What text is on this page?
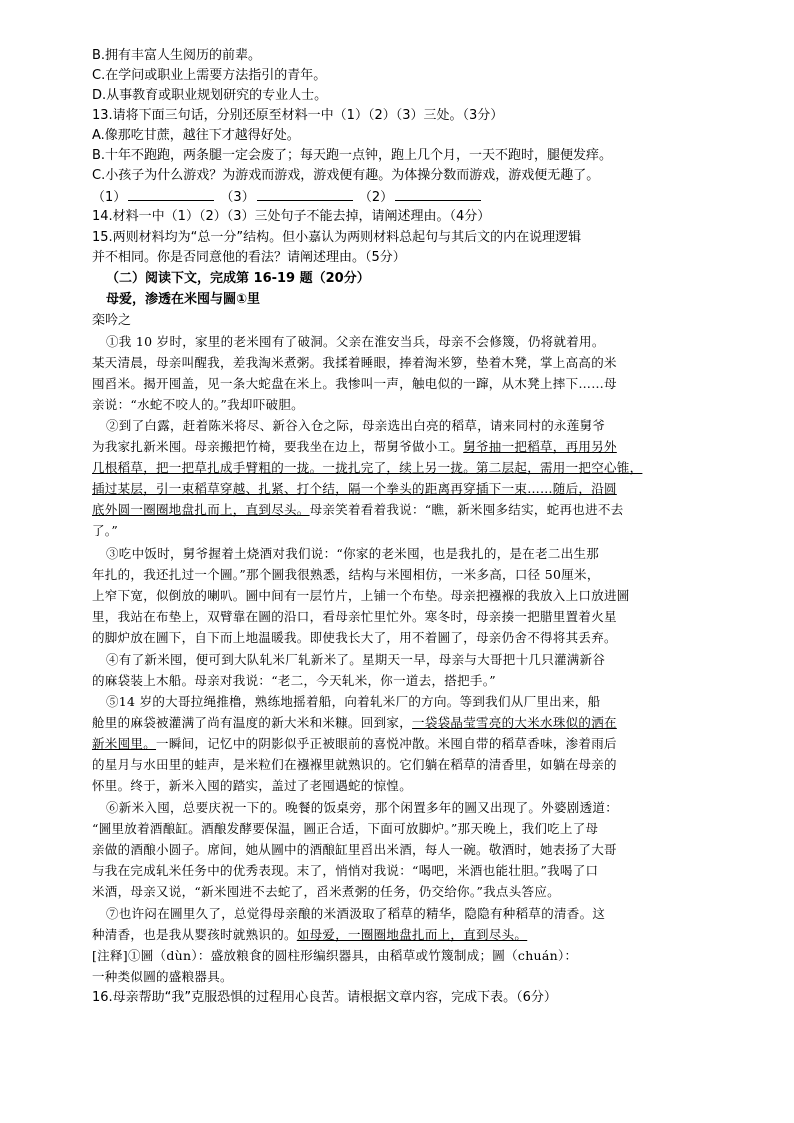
B.拥有丰富人生阅历的前辈。
C.在学问或职业上需要方法指引的青年。
D.从事教育或职业规划研究的专业人士。
13.请将下面三句话，分别还原至材料一中（1）（2）（3）三处。（3分）
A.像那吃甘蔗，越往下才越得好处。
B.十年不跑跑，两条腿一定会废了；每天跑一点钟，跑上几个月，一天不跑时，腿便发痒。
C.小孩子为什么游戏？为游戏而游戏，游戏便有趣。为体操分数而游戏，游戏便无趣了。
（1）	（3）	（2）
14.材料一中（1）（2）（3）三处句子不能去掉，请阐述理由。（4分）
15.两则材料均为“总一分”结构。但小嘉认为两则材料总起句与其后文的内在说理逻辑
并不相同。你是否同意他的看法？请阐述理由。（5分）
（二）阅读下文，完成第 16-19 题（20分）
母爱，渗透在米囤与圌①里
栾吟之
①我 10 岁时，家里的老米囤有了破洞。父亲在淮安当兵，母亲不会修篾，仍将就着用。
某天清晨，母亲叫醒我，差我淘米煮粥。我揉着睡眼，捧着淘米箩，垫着木凳，掌上高高的米
囤舀米。揭开囤盖，见一条大蛇盘在米上。我惨叫一声，触电似的一蹿，从木凳上摔下……母
亲说：“水蛇不咬人的。”我却吓破胆。
②到了白露，赶着陈米将尽、新谷入仓之际，母亲选出白亮的稻草，请来同村的永莲舅爷
为我家扎新米囤。母亲搬把竹椅，要我坐在边上，帮舅爷做小工。舅爷抽一把稻草，再用另外
几根稻草，把一把草扎成手臂粗的一拢。一拢扎完了，续上另一拢。第二层起，需用一把空心锥，
插过某层，引一束稻草穿越、扎紧、打个结，隔一个拳头的距离再穿插下一束……随后，沿圆
底外圆一圈圈地盘扎而上，直到尽头。母亲笑着看着我说：“瞧，新米囤多结实，蛇再也进不去
了。”
③吃中饭时，舅爷握着土烧酒对我们说：“你家的老米囤，也是我扎的，是在老二出生那
年扎的，我还扎过一个圌。”那个圌我很熟悉，结构与米囤相仿，一米多高，口径 50厘米，
上窄下宽，似倒放的喇叭。圌中间有一层竹片，上铺一个布垫。母亲把襁褓的我放入上口放进圌
里，我站在布垫上，双臂靠在圌的沿口，看母亲忙里忙外。寒冬时，母亲揍一把腊里置着火星
的脚炉放在圌下，自下而上地温暖我。即使我长大了，用不着圌了，母亲仍舍不得将其丢弃。
④有了新米囤，便可到大队轧米厂轧新米了。星期天一早，母亲与大哥把十几只灌满新谷
的麻袋装上木船。母亲对我说：“老二，今天轧米，你一道去，搭把手。”
⑤14 岁的大哥拉绳推橹，熟练地摇着船，向着轧米厂的方向。等到我们从厂里出来，船
舱里的麻袋被灌满了尚有温度的新大米和米糠。回到家，一袋袋晶莹雪亮的大米水珠似的洒在
新米囤里。一瞬间，记忆中的阴影似乎正被眼前的喜悦冲散。米囤自带的稻草香味，渗着雨后
的星月与水田里的蛙声，是米粒们在襁褓里就熟识的。它们躺在稻草的清香里，如躺在母亲的
怀里。终于，新米入囤的踏实，盖过了老囤遇蛇的惊惶。
⑥新米入囤，总要庆祝一下的。晚餐的饭桌旁，那个闲置多年的圌又出现了。外婆剧透道：
“圌里放着酒酿缸。酒酿发酵要保温，圌正合适，下面可放脚炉。”那天晚上，我们吃上了母
亲做的酒酿小圆子。席间，她从圌中的酒酿缸里舀出米酒，每人一碗。敬酒时，她表扬了大哥
与我在完成轧米任务中的优秀表现。末了，悄悄对我说：“喝吧，米酒也能壮胆。”我喝了口
米酒，母亲又说，“新米囤进不去蛇了，舀米煮粥的任务，仍交给你。”我点头答应。
⑦也许闷在圌里久了，总觉得母亲酿的米酒汲取了稻草的精华，隐隐有种稻草的清香。这
种清香，也是我从婴孩时就熟识的。如母爱，一圈圈地盘扎而上，直到尽头。
[注释]①圌（dùn）：盛放粮食的圆柱形编织器具，由稻草或竹篾制成；圌（chuán）：
一种类似圌的盛粮器具。
16.母亲帮助“我”克服恐惧的过程用心良苦。请根据文章内容，完成下表。（6分）
